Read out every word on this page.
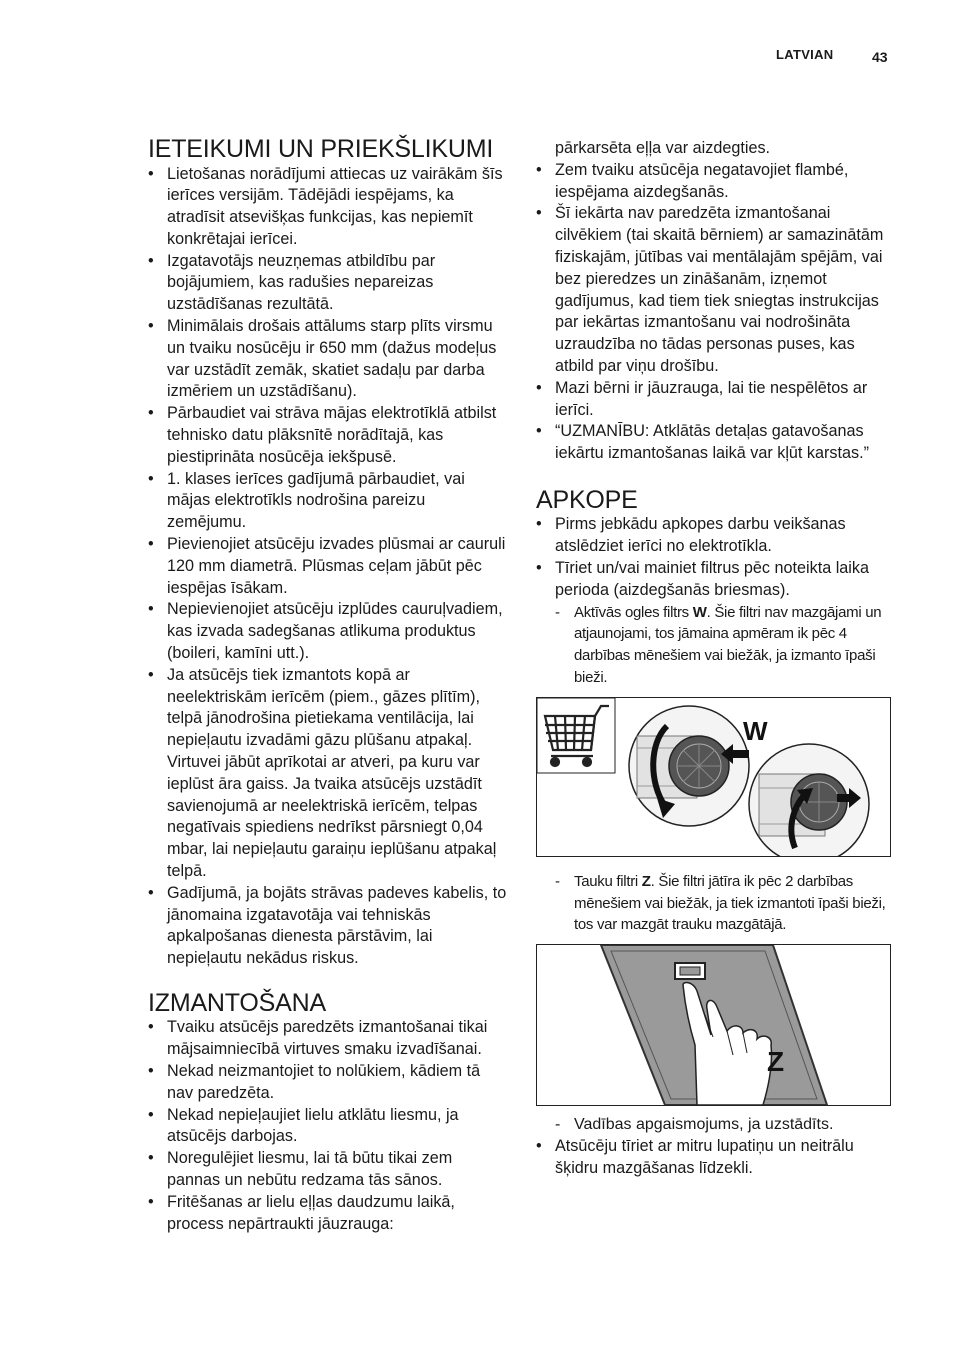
LATVIAN	43
IETEIKUMI UN PRIEKŠLIKUMI
• Lietošanas norādījumi attiecas uz vairākām šīs ierīces versijām. Tādējādi iespējams, ka atradīsit atsevišķas funkcijas, kas nepiemīt konkrētajai ierīcei.
• Izgatavotājs neuzņemas atbildību par bojājumiem, kas radušies nepareizas uzstādīšanas rezultātā.
• Minimālais drošais attālums starp plīts virsmu un tvaiku nosūcēju ir 650 mm (dažus modeļus var uzstādīt zemāk, skatiet sadaļu par darba izmēriem un uzstādīšanu).
• Pārbaudiet vai strāva mājas elektrotīklā atbilst tehnisko datu plāksnītē norādītajā, kas piestiprināta nosūcēja iekšpusē.
• 1. klases ierīces gadījumā pārbaudiet, vai mājas elektrotīkls nodrošina pareizu zemējumu.
• Pievienojiet atsūcēju izvades plūsmai ar cauruli 120 mm diametrā. Plūsmas ceļam jābūt pēc iespējas īsākam.
• Nepievienojiet atsūcēju izplūdes cauruļvadiem, kas izvada sadegšanas atlikuma produktus (boileri, kamīni utt.).
• Ja atsūcējs tiek izmantots kopā ar neelektriskām ierīcēm (piem., gāzes plītīm), telpā jānodrošina pietiekama ventilācija, lai nepieļautu izvadāmi gāzu plūšanu atpakaļ. Virtuvei jābūt aprīkotai ar atveri, pa kuru var ieplūst āra gaiss. Ja tvaika atsūcējs uzstādīt savienojumā ar neelektriskā ierīcēm, telpas negatīvais spiediens nedrīkst pārsniegt 0,04 mbar, lai nepieļautu garaiņu ieplūšanu atpakaļ telpā.
• Gadījumā, ja bojāts strāvas padeves kabelis, to jānomaina izgatavotāja vai tehniskās apkalpošanas dienesta pārstāvim, lai nepieļautu nekādus riskus.
IZMANTOŠANA
• Tvaiku atsūcējs paredzēts izmantošanai tikai mājsaimniecībā virtuves smaku izvadīšanai.
• Nekad neizmantojiet to nolūkiem, kādiem tā nav paredzēta.
• Nekad nepieļaujiet lielu atklātu liesmu, ja atsūcējs darbojas.
• Noregulējiet liesmu, lai tā būtu tikai zem pannas un nebūtu redzama tās sānos.
• Fritēšanas ar lielu eļļas daudzumu laikā, process nepārtraukti jāuzrauga:
pārkarsēta eļļa var aizdegties.
• Zem tvaiku atsūcēja negatavojiet flambé, iespējama aizdegšanās.
• Šī iekārta nav paredzēta izmantošanai cilvēkiem (tai skaitā bērniem) ar samazinātām fiziskajām, jūtības vai mentālajām spējām, vai bez pieredzes un zināšanām, izņemot gadījumus, kad tiem tiek sniegtas instrukcijas par iekārtas izmantošanu vai nodrošināta uzraudzība no tādas personas puses, kas atbild par viņu drošību.
• Mazi bērni ir jāuzrauga, lai tie nespēlētos ar ierīci.
• “UZMANĪBU: Atklātās detaļas gatavošanas iekārtu izmantošanas laikā var kļūt karstas.”
APKOPE
• Pirms jebkādu apkopes darbu veikšanas atslēdziet ierīci no elektrotīkla.
• Tīriet un/vai mainiet filtrus pēc noteikta laika perioda (aizdegšanās briesmas).
- Aktīvās ogles filtrs W. Šie filtri nav mazgājami un atjaunojami, tos jāmaina apmēram ik pēc 4 darbības mēnešiem vai biežāk, ja izmanto īpaši bieži.
W
- Tauku filtri Z. Šie filtri jātīra ik pēc 2 darbības mēnešiem vai biežāk, ja tiek izmantoti īpaši bieži, tos var mazgāt trauku mazgātājā.
Z
- Vadības apgaismojums, ja uzstādīts.
• Atsūcēju tīriet ar mitru lupatiņu un neitrālu šķidru mazgāšanas līdzekli.
